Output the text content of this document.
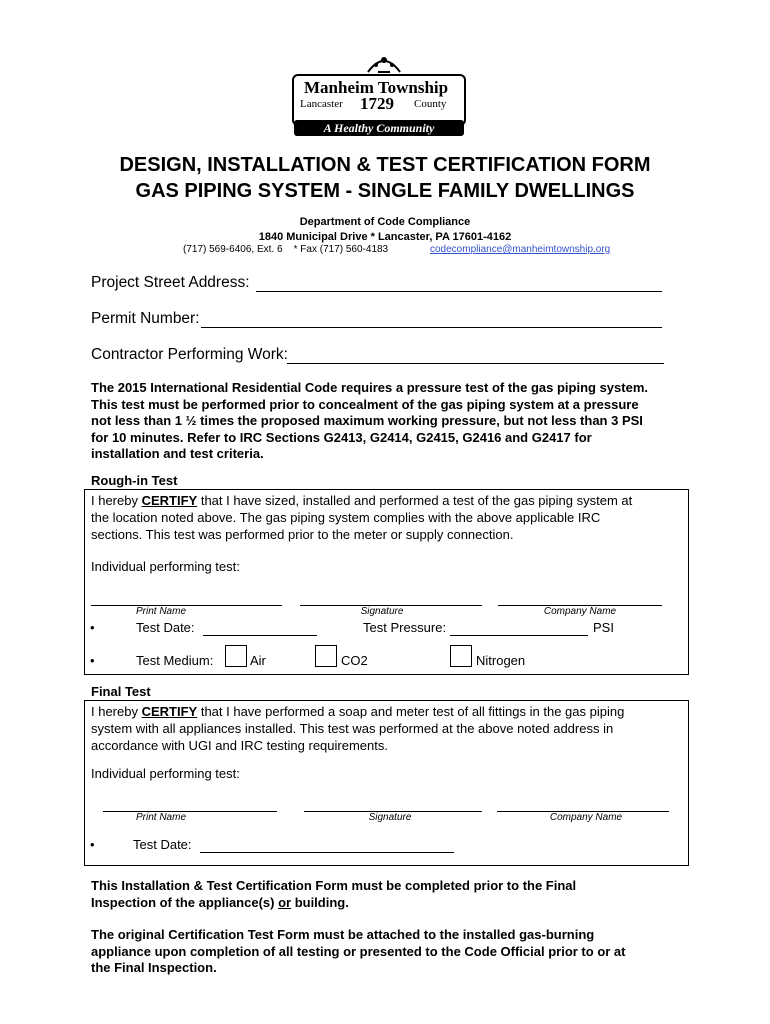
Manheim Township
Lancaster 1729 County
A Healthy Community
DESIGN, INSTALLATION & TEST CERTIFICATION FORM
GAS PIPING SYSTEM - SINGLE FAMILY DWELLINGS
Department of Code Compliance
1840 Municipal Drive * Lancaster, PA 17601-4162
(717) 569-6406, Ext. 6    * Fax (717) 560-4183	codecompliance@manheimtownship.org
Project Street Address:
Permit Number:
Contractor Performing Work:
The 2015 International Residential Code requires a pressure test of the gas piping system.
This test must be performed prior to concealment of the gas piping system at a pressure
not less than 1 ½ times the proposed maximum working pressure, but not less than 3 PSI
for 10 minutes. Refer to IRC Sections G2413, G2414, G2415, G2416 and G2417 for
installation and test criteria.
Rough-in Test
I hereby CERTIFY that I have sized, installed and performed a test of the gas piping system at
the location noted above. The gas piping system complies with the above applicable IRC
sections. This test was performed prior to the meter or supply connection.
Individual performing test:
Print Name	Signature	Company Name
•	Test Date:	Test Pressure:	PSI
•	Test Medium:	Air	CO2	Nitrogen
Final Test
I hereby CERTIFY that I have performed a soap and meter test of all fittings in the gas piping
system with all appliances installed. This test was performed at the above noted address in
accordance with UGI and IRC testing requirements.
Individual performing test:
Print Name	Signature	Company Name
•	Test Date:
This Installation & Test Certification Form must be completed prior to the Final
Inspection of the appliance(s) or building.
The original Certification Test Form must be attached to the installed gas-burning
appliance upon completion of all testing or presented to the Code Official prior to or at
the Final Inspection.
